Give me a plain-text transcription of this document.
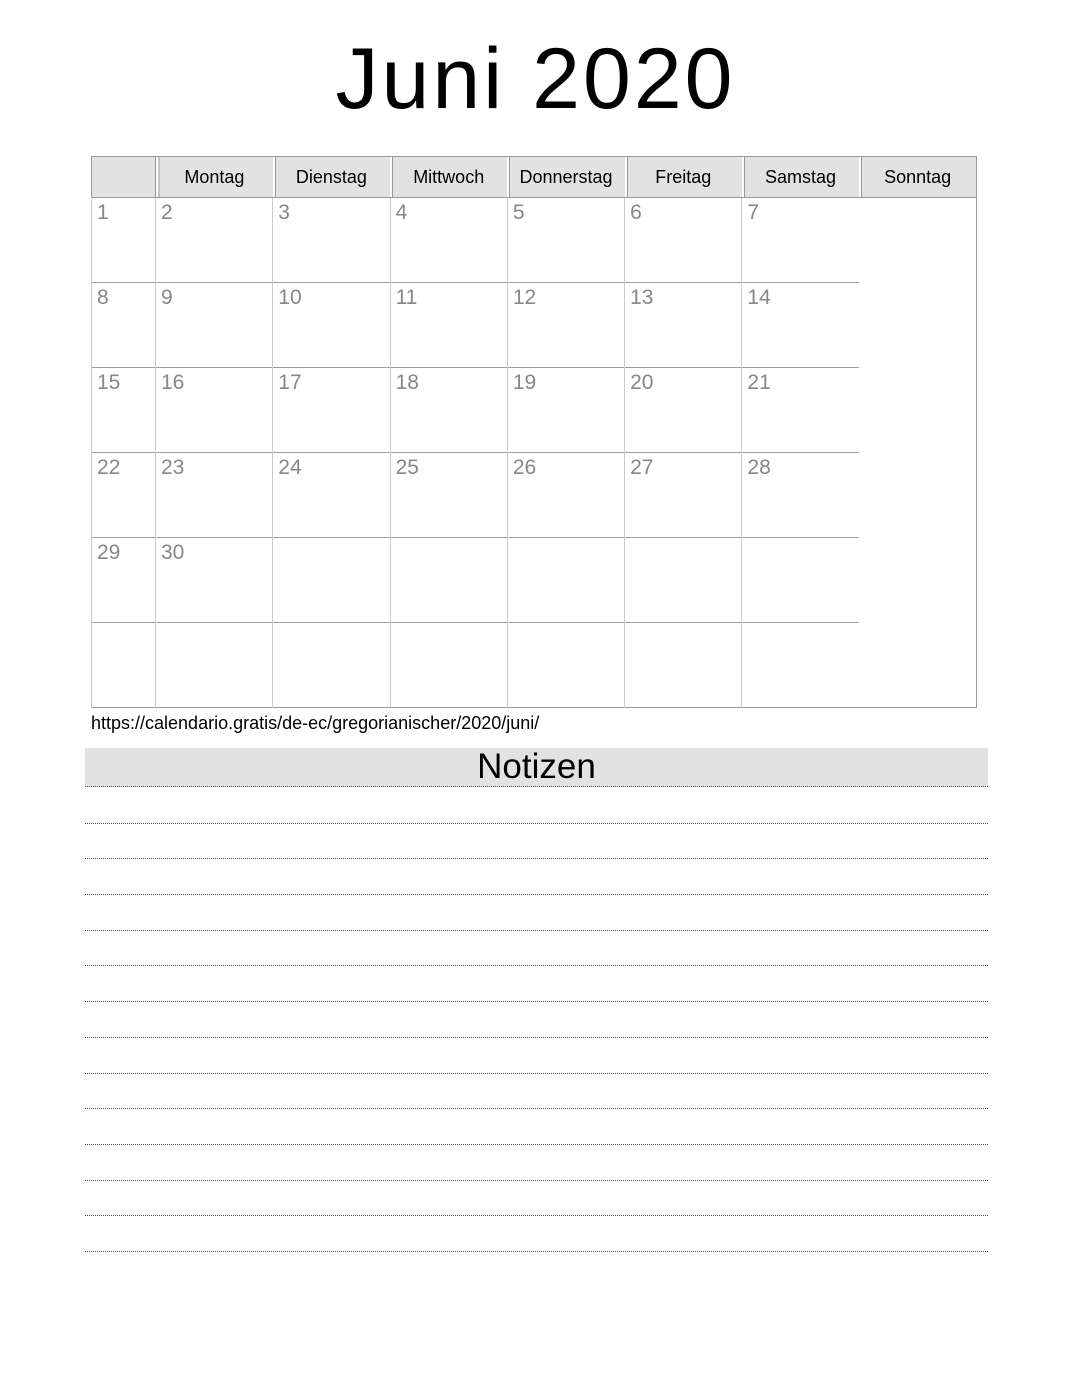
Juni 2020
	Montag	Dienstag	Mittwoch	Donnerstag	Freitag	Samstag	Sonntag

1	2	3	4	5	6	7	

8	9	10	11	12	13	14	

15	16	17	18	19	20	21	

22	23	24	25	26	27	28	

29	30						

https://calendario.gratis/de-ec/gregorianischer/2020/juni/
Notizen
